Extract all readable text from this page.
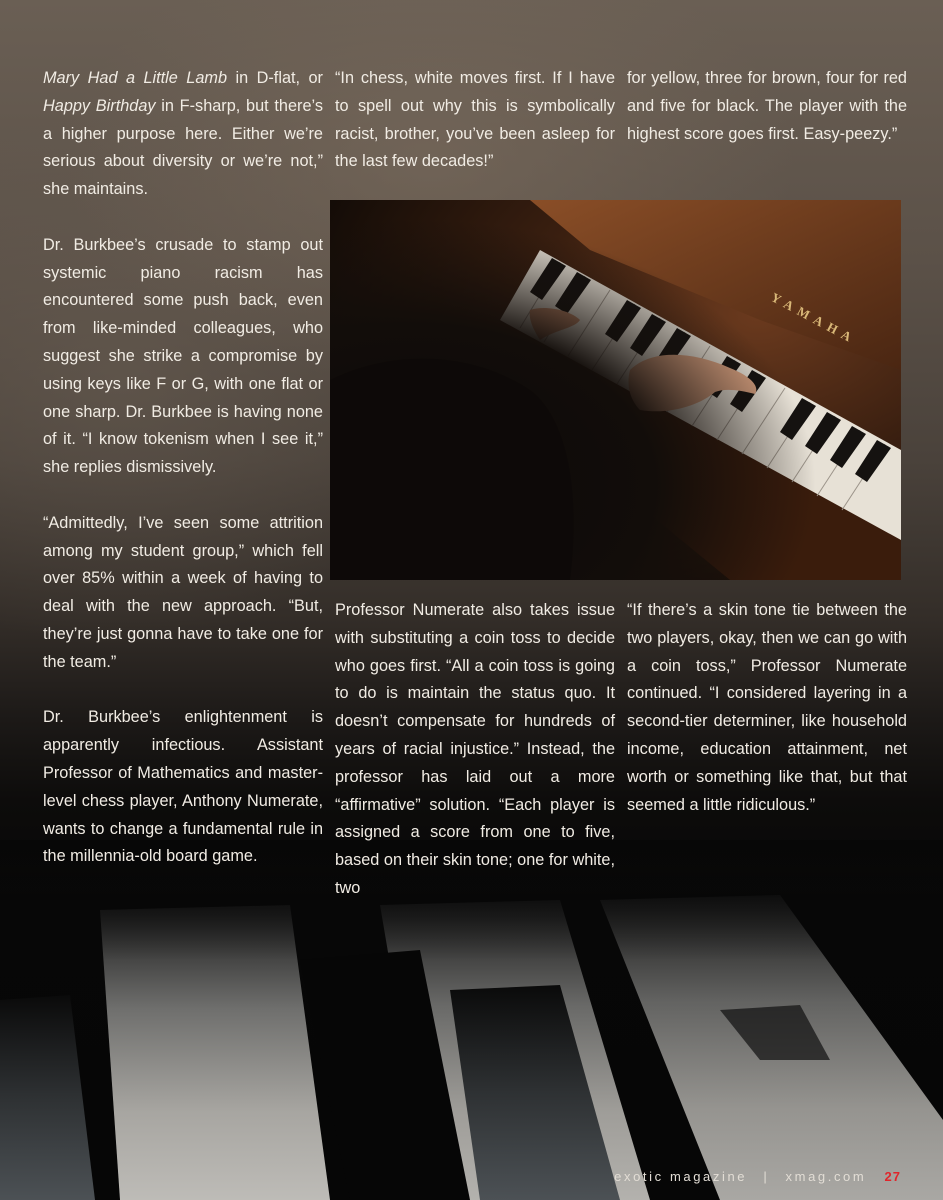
Mary Had a Little Lamb in D-flat, or Happy Birthday in F-sharp, but there’s a higher purpose here. Either we’re serious about diversity or we’re not,” she maintains.

Dr. Burkbee’s crusade to stamp out systemic piano racism has encountered some push back, even from like-minded colleagues, who suggest she strike a compromise by using keys like F or G, with one flat or one sharp. Dr. Burkbee is having none of it. “I know tokenism when I see it,” she replies dismissively.

“Admittedly, I’ve seen some attrition among my student group,” which fell over 85% within a week of having to deal with the new approach. “But, they’re just gonna have to take one for the team.”

Dr. Burkbee’s enlightenment is apparently infectious. Assistant Professor of Mathematics and master-level chess player, Anthony Numerate, wants to change a fundamental rule in the millennia-old board game.

“In chess, white moves first. If I have to spell out why this is symbolically racist, brother, you’ve been asleep for the last few decades!”

for yellow, three for brown, four for red and five for black. The player with the highest score goes first. Easy-peezy.”

Professor Numerate also takes issue with substituting a coin toss to decide who goes first. “All a coin toss is going to do is maintain the status quo. It doesn’t compensate for hundreds of years of racial injustice.” Instead, the professor has laid out a more “affirmative” solution. “Each player is assigned a score from one to five, based on their skin tone; one for white, two

“If there’s a skin tone tie between the two players, okay, then we can go with a coin toss,” Professor Numerate continued. “I considered layering in a second-tier determiner, like household income, education attainment, net worth or something like that, but that seemed a little ridiculous.”

exotic magazine | xmag.com 27
